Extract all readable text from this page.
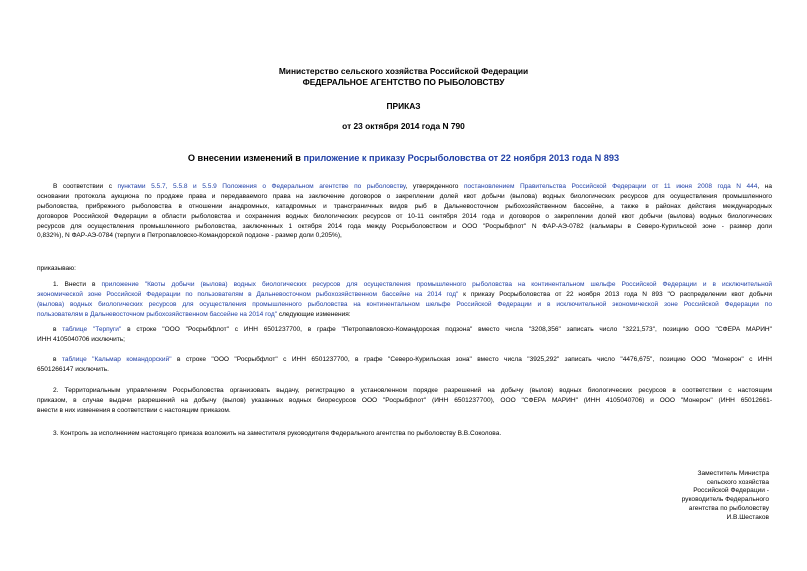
Министерство сельского хозяйства Российской Федерации
ФЕДЕРАЛЬНОЕ АГЕНТСТВО ПО РЫБОЛОВСТВУ
ПРИКАЗ
от 23 октября 2014 года N 790
О внесении изменений в приложение к приказу Росрыболовства от 22 ноября 2013 года N 893
В соответствии с пунктами 5.5.7, 5.5.8 и 5.5.9 Положения о Федеральном агентстве по рыболовству, утвержденного постановлением Правительства Российской Федерации от 11 июня 2008 года N 444, на
основании протокола аукциона по продаже права и передаваемого права на заключение договоров о закреплении долей квот добычи (вылова) водных биологических ресурсов для осуществления промышленного
рыболовства, прибрежного рыболовства в отношении анадромных, катадромных и трансграничных видов рыб в Дальневосточном рыбохозяйственном бассейне, а также в районах действия международных
договоров Российской Федерации в области рыболовства и сохранения водных биологических ресурсов от 10-11 сентября 2014 года и договоров о закреплении долей квот добычи (вылова) водных биологических
ресурсов для осуществления промышленного рыболовства, заключенных 1 октября 2014 года между Росрыболовством и ООО "Росрыбфлот" N ФАР-АЭ-0782 (кальмары в Северо-Курильской зоне - размер доли
0,832%), N ФАР-АЭ-0784 (терпуги в Петропавловско-Командорской подзоне - размер доли 0,205%),
приказываю:
1. Внести в приложение "Квоты добычи (вылова) водных биологических ресурсов для осуществления промышленного рыболовства на континентальном шельфе Российской Федерации и в исключительной
экономической зоне Российской Федерации по пользователям в Дальневосточном рыбохозяйственном бассейне на 2014 год" к приказу Росрыболовства от 22 ноября 2013 года N 893 "О распределении квот добычи
(вылова) водных биологических ресурсов для осуществления промышленного рыболовства на континентальном шельфе Российской Федерации и в исключительной экономической зоне Российской Федерации по
пользователям в Дальневосточном рыбохозяйственном бассейне на 2014 год" следующие изменения:
в таблице "Терпуги" в строке "ООО "Росрыбфлот" с ИНН 6501237700, в графе "Петропавловско-Командорская подзона" вместо числа "3208,356" записать число "3221,573", позицию ООО "СФЕРА МАРИН"
ИНН 4105040706 исключить;
в таблице "Кальмар командорский" в строке "ООО "Росрыбфлот" с ИНН 6501237700, в графе "Северо-Курильская зона" вместо числа "3925,292" записать число "4476,675", позицию ООО "Монерон" с ИНН
6501266147 исключить.
2. Территориальным управлениям Росрыболовства организовать выдачу, регистрацию в установленном порядке разрешений на добычу (вылов) водных биологических ресурсов в соответствии с настоящим
приказом, в случае выдачи разрешений на добычу (вылов) указанных водных биоресурсов ООО "Росрыбфлот" (ИНН 6501237700), ООО "СФЕРА МАРИН" (ИНН 4105040706) и ООО "Монерон" (ИНН 65012661-
внести в них изменения в соответствии с настоящим приказом.
3. Контроль за исполнением настоящего приказа возложить на заместителя руководителя Федерального агентства по рыболовству В.В.Соколова.
Заместитель Министра
сельского хозяйства
Российской Федерации -
руководитель Федерального
агентства по рыболовству
И.В.Шестаков
